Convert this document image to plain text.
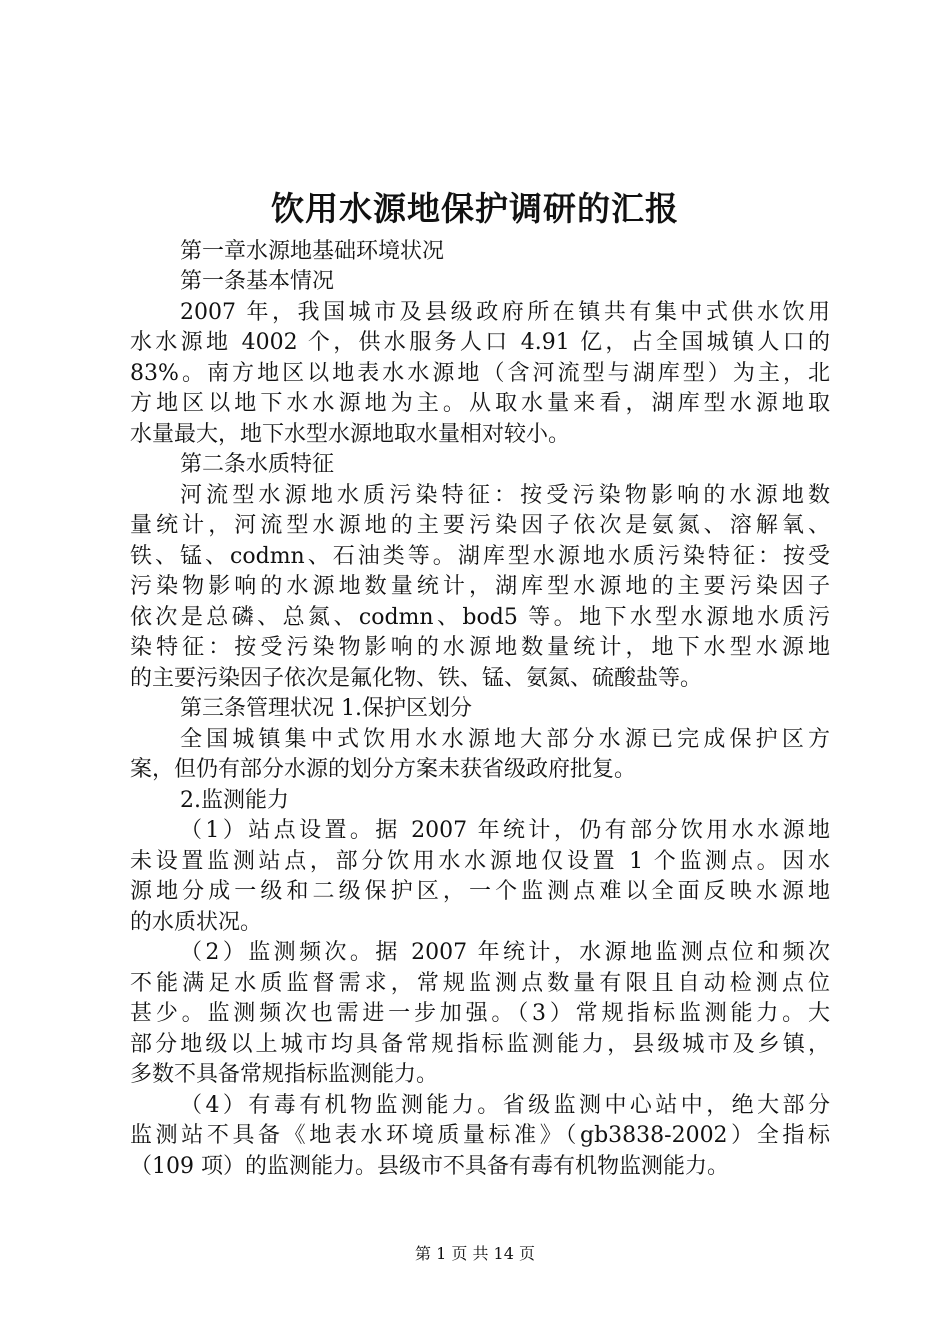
饮用水源地保护调研的汇报
第一章水源地基础环境状况
第一条基本情况
2007 年，我国城市及县级政府所在镇共有集中式供水饮用
水水源地 4002 个，供水服务人口 4.91 亿，占全国城镇人口的
83%。南方地区以地表水水源地（含河流型与湖库型）为主，北
方地区以地下水水源地为主。从取水量来看，湖库型水源地取
水量最大，地下水型水源地取水量相对较小。
第二条水质特征
河流型水源地水质污染特征：按受污染物影响的水源地数
量统计，河流型水源地的主要污染因子依次是氨氮、溶解氧、
铁、锰、codmn、石油类等。湖库型水源地水质污染特征：按受
污染物影响的水源地数量统计，湖库型水源地的主要污染因子
依次是总磷、总氮、codmn、bod5 等。地下水型水源地水质污
染特征：按受污染物影响的水源地数量统计，地下水型水源地
的主要污染因子依次是氟化物、铁、锰、氨氮、硫酸盐等。
第三条管理状况 1.保护区划分
全国城镇集中式饮用水水源地大部分水源已完成保护区方
案，但仍有部分水源的划分方案未获省级政府批复。
2.监测能力
（1）站点设置。据 2007 年统计，仍有部分饮用水水源地
未设置监测站点，部分饮用水水源地仅设置 1 个监测点。因水
源地分成一级和二级保护区，一个监测点难以全面反映水源地
的水质状况。
（2）监测频次。据 2007 年统计，水源地监测点位和频次
不能满足水质监督需求，常规监测点数量有限且自动检测点位
甚少。监测频次也需进一步加强。（3）常规指标监测能力。大
部分地级以上城市均具备常规指标监测能力，县级城市及乡镇，
多数不具备常规指标监测能力。
（4）有毒有机物监测能力。省级监测中心站中，绝大部分
监测站不具备《地表水环境质量标准》（gb3838-2002）全指标
（109 项）的监测能力。县级市不具备有毒有机物监测能力。
第 1 页 共 14 页
